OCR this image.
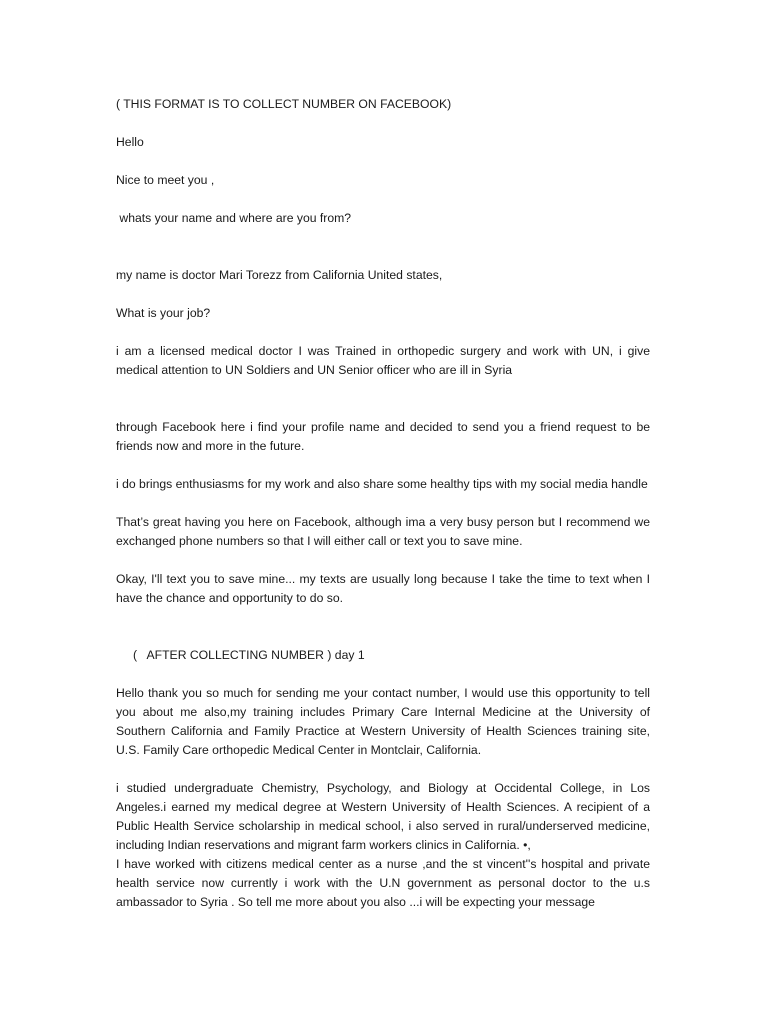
( THIS FORMAT IS TO COLLECT NUMBER ON FACEBOOK)

Hello

Nice to meet you ,

whats your name and where are you from?

my name is doctor Mari Torezz from California United states,

What is your job?

i am a licensed medical doctor I was Trained in orthopedic surgery and work with UN, i give medical attention to UN Soldiers and UN Senior officer who are ill in Syria

through Facebook here i find your profile name and decided to send you a friend request to be friends now and more in the future.

i do brings enthusiasms for my work and also share some healthy tips with my social media handle

That’s great having you here on Facebook, although ima a very busy person but I recommend we exchanged phone numbers so that I will either call or text you to save mine.

Okay, I'll text you to save mine... my texts are usually long because I take the time to text when I have the chance and opportunity to do so.

(   AFTER COLLECTING NUMBER ) day 1

Hello thank you so much for sending me your contact number, I would use this opportunity to tell you about me also,my training includes Primary Care Internal Medicine at the University of Southern California and Family Practice at Western University of Health Sciences training site, U.S. Family Care orthopedic Medical Center in Montclair, California.

i studied undergraduate Chemistry, Psychology, and Biology at Occidental College, in Los Angeles.i earned my medical degree at Western University of Health Sciences. A recipient of a Public Health Service scholarship in medical school, i also served in rural/underserved medicine, including Indian reservations and migrant farm workers clinics in California. •,

I have worked with citizens medical center as a nurse ,and the st vincent''s hospital and private health service now currently i work with the U.N government as personal doctor to the u.s ambassador to Syria . So tell me more about you also ...i will be expecting your message
